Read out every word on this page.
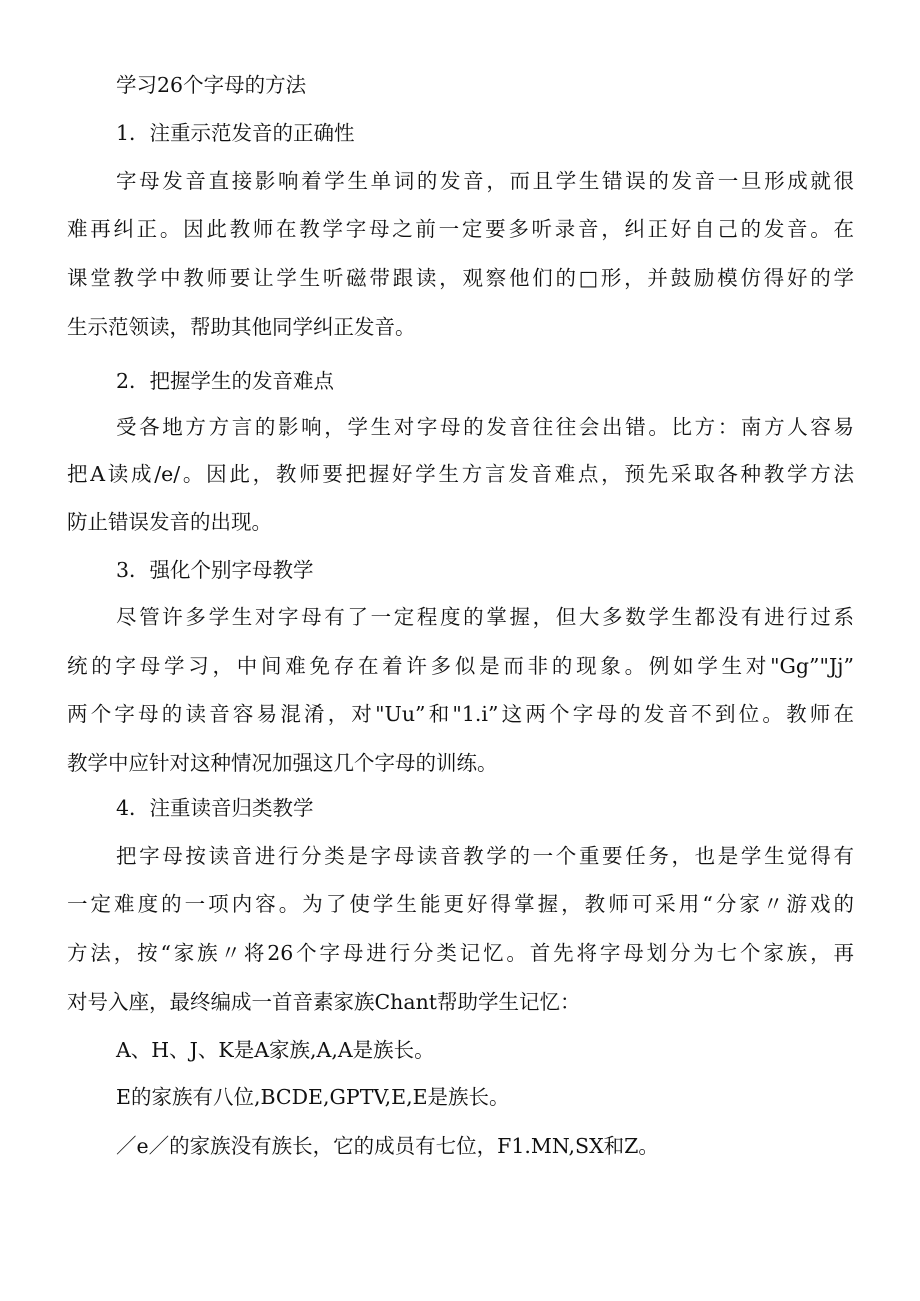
学习26个字母的方法
1．注重示范发音的正确性
字母发音直接影响着学生单词的发音，而且学生错误的发音一旦形成就很
难再纠正。因此教师在教学字母之前一定要多听录音，纠正好自己的发音。在
课堂教学中教师要让学生听磁带跟读，观察他们的□形，并鼓励模仿得好的学
生示范领读，帮助其他同学纠正发音。
2．把握学生的发音难点
受各地方方言的影响，学生对字母的发音往往会出错。比方：南方人容易
把A读成/e/。因此，教师要把握好学生方言发音难点，预先采取各种教学方法
防止错误发音的出现。
3．强化个别字母教学
尽管许多学生对字母有了一定程度的掌握，但大多数学生都没有进行过系
统的字母学习，中间难免存在着许多似是而非的现象。例如学生对"Gg”"Jj”
两个字母的读音容易混淆，对"Uu”和"1.i”这两个字母的发音不到位。教师在
教学中应针对这种情况加强这几个字母的训练。
4．注重读音归类教学
把字母按读音进行分类是字母读音教学的一个重要任务，也是学生觉得有
一定难度的一项内容。为了使学生能更好得掌握，教师可采用“分家〃游戏的
方法，按“家族〃将26个字母进行分类记忆。首先将字母划分为七个家族，再
对号入座，最终编成一首音素家族Chant帮助学生记忆：
A、H、J、K是A家族,A,A是族长。
E的家族有八位,BCDE,GPTV,E,E是族长。
／e／的家族没有族长，它的成员有七位，F1.MN,SX和Z。
